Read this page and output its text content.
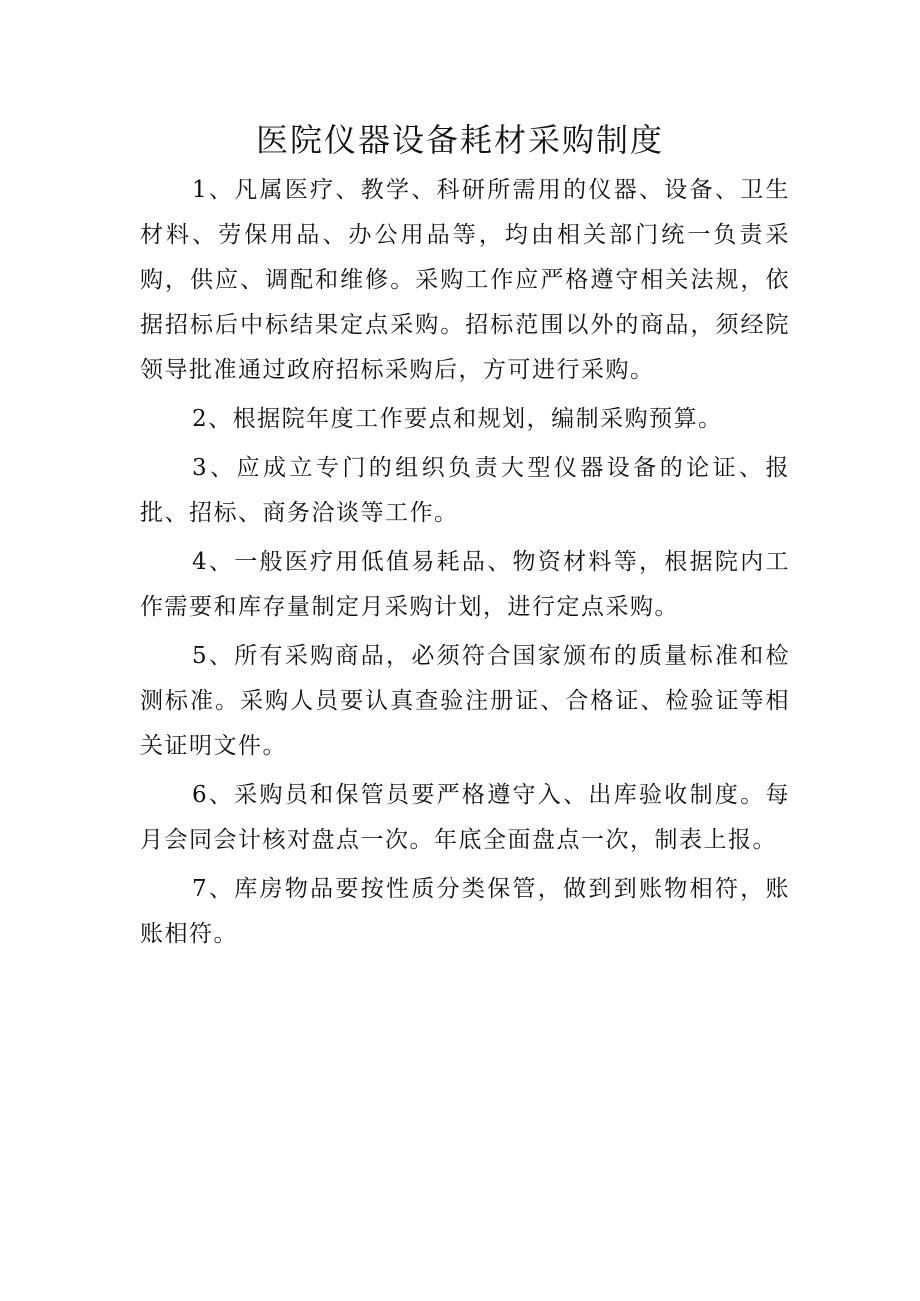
医院仪器设备耗材采购制度

1、凡属医疗、教学、科研所需用的仪器、设备、卫生材料、劳保用品、办公用品等，均由相关部门统一负责采购，供应、调配和维修。采购工作应严格遵守相关法规，依据招标后中标结果定点采购。招标范围以外的商品，须经院领导批准通过政府招标采购后，方可进行采购。

2、根据院年度工作要点和规划，编制采购预算。

3、应成立专门的组织负责大型仪器设备的论证、报批、招标、商务洽谈等工作。

4、一般医疗用低值易耗品、物资材料等，根据院内工作需要和库存量制定月采购计划，进行定点采购。

5、所有采购商品，必须符合国家颁布的质量标准和检测标准。采购人员要认真查验注册证、合格证、检验证等相关证明文件。

6、采购员和保管员要严格遵守入、出库验收制度。每月会同会计核对盘点一次。年底全面盘点一次，制表上报。

7、库房物品要按性质分类保管，做到到账物相符，账账相符。
